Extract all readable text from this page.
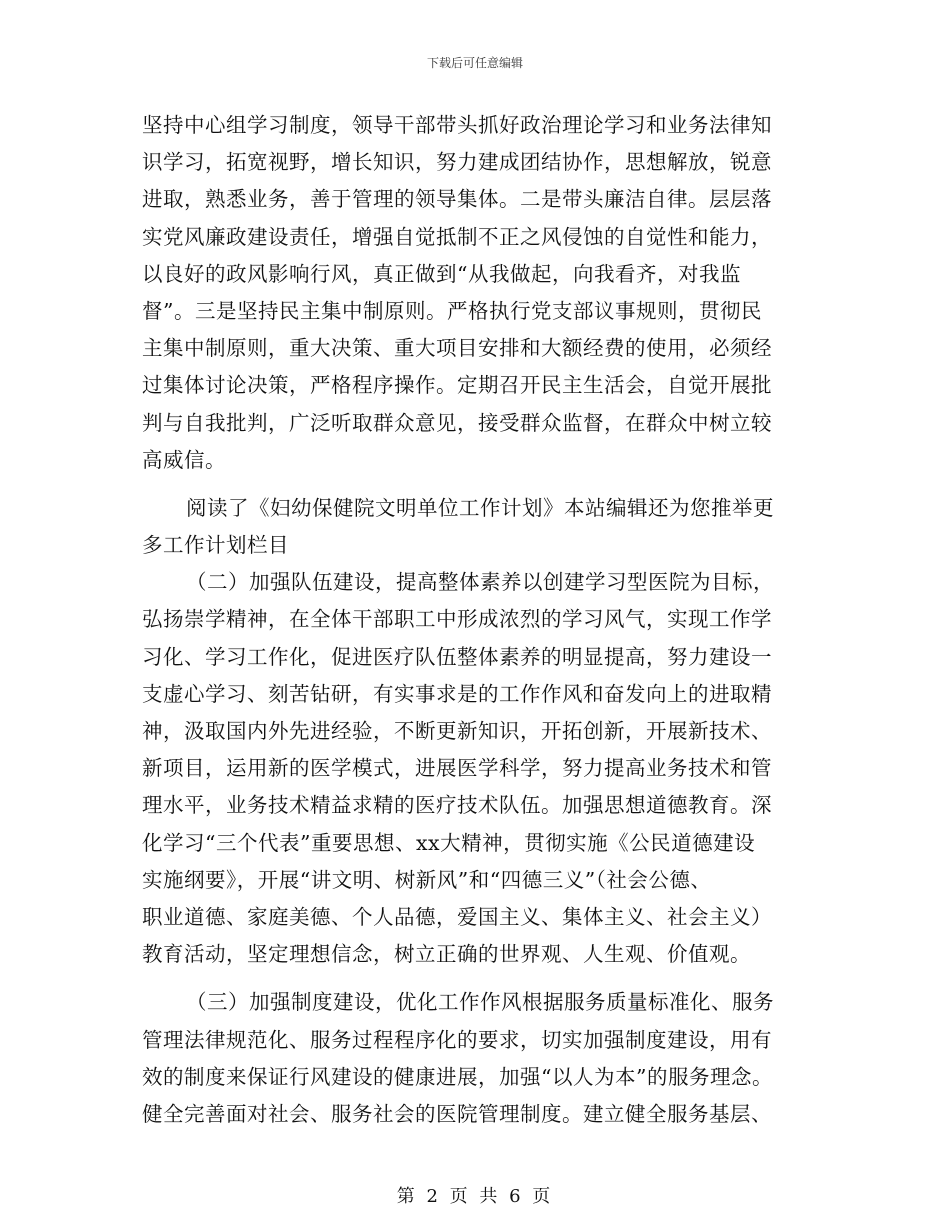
下载后可任意编辑
坚持中心组学习制度，领导干部带头抓好政治理论学习和业务法律知
识学习，拓宽视野，增长知识，努力建成团结协作，思想解放，锐意
进取，熟悉业务，善于管理的领导集体。二是带头廉洁自律。层层落
实党风廉政建设责任，增强自觉抵制不正之风侵蚀的自觉性和能力，
以良好的政风影响行风，真正做到“从我做起，向我看齐，对我监
督”。三是坚持民主集中制原则。严格执行党支部议事规则，贯彻民
主集中制原则，重大决策、重大项目安排和大额经费的使用，必须经
过集体讨论决策，严格程序操作。定期召开民主生活会，自觉开展批
判与自我批判，广泛听取群众意见，接受群众监督，在群众中树立较
高威信。
阅读了《妇幼保健院文明单位工作计划》本站编辑还为您推举更
多工作计划栏目
（二）加强队伍建设，提高整体素养以创建学习型医院为目标，
弘扬崇学精神，在全体干部职工中形成浓烈的学习风气，实现工作学
习化、学习工作化，促进医疗队伍整体素养的明显提高，努力建设一
支虚心学习、刻苦钻研，有实事求是的工作作风和奋发向上的进取精
神，汲取国内外先进经验，不断更新知识，开拓创新，开展新技术、
新项目，运用新的医学模式，进展医学科学，努力提高业务技术和管
理水平，业务技术精益求精的医疗技术队伍。加强思想道德教育。深
化学习“三个代表”重要思想、xx大精神，贯彻实施《公民道德建设
实施纲要》，开展“讲文明、树新风”和“四德三义”（社会公德、
职业道德、家庭美德、个人品德，爱国主义、集体主义、社会主义）
教育活动，坚定理想信念，树立正确的世界观、人生观、价值观。
（三）加强制度建设，优化工作作风根据服务质量标准化、服务
管理法律规范化、服务过程程序化的要求，切实加强制度建设，用有
效的制度来保证行风建设的健康进展，加强“以人为本”的服务理念。
健全完善面对社会、服务社会的医院管理制度。建立健全服务基层、
第 2 页 共 6 页
